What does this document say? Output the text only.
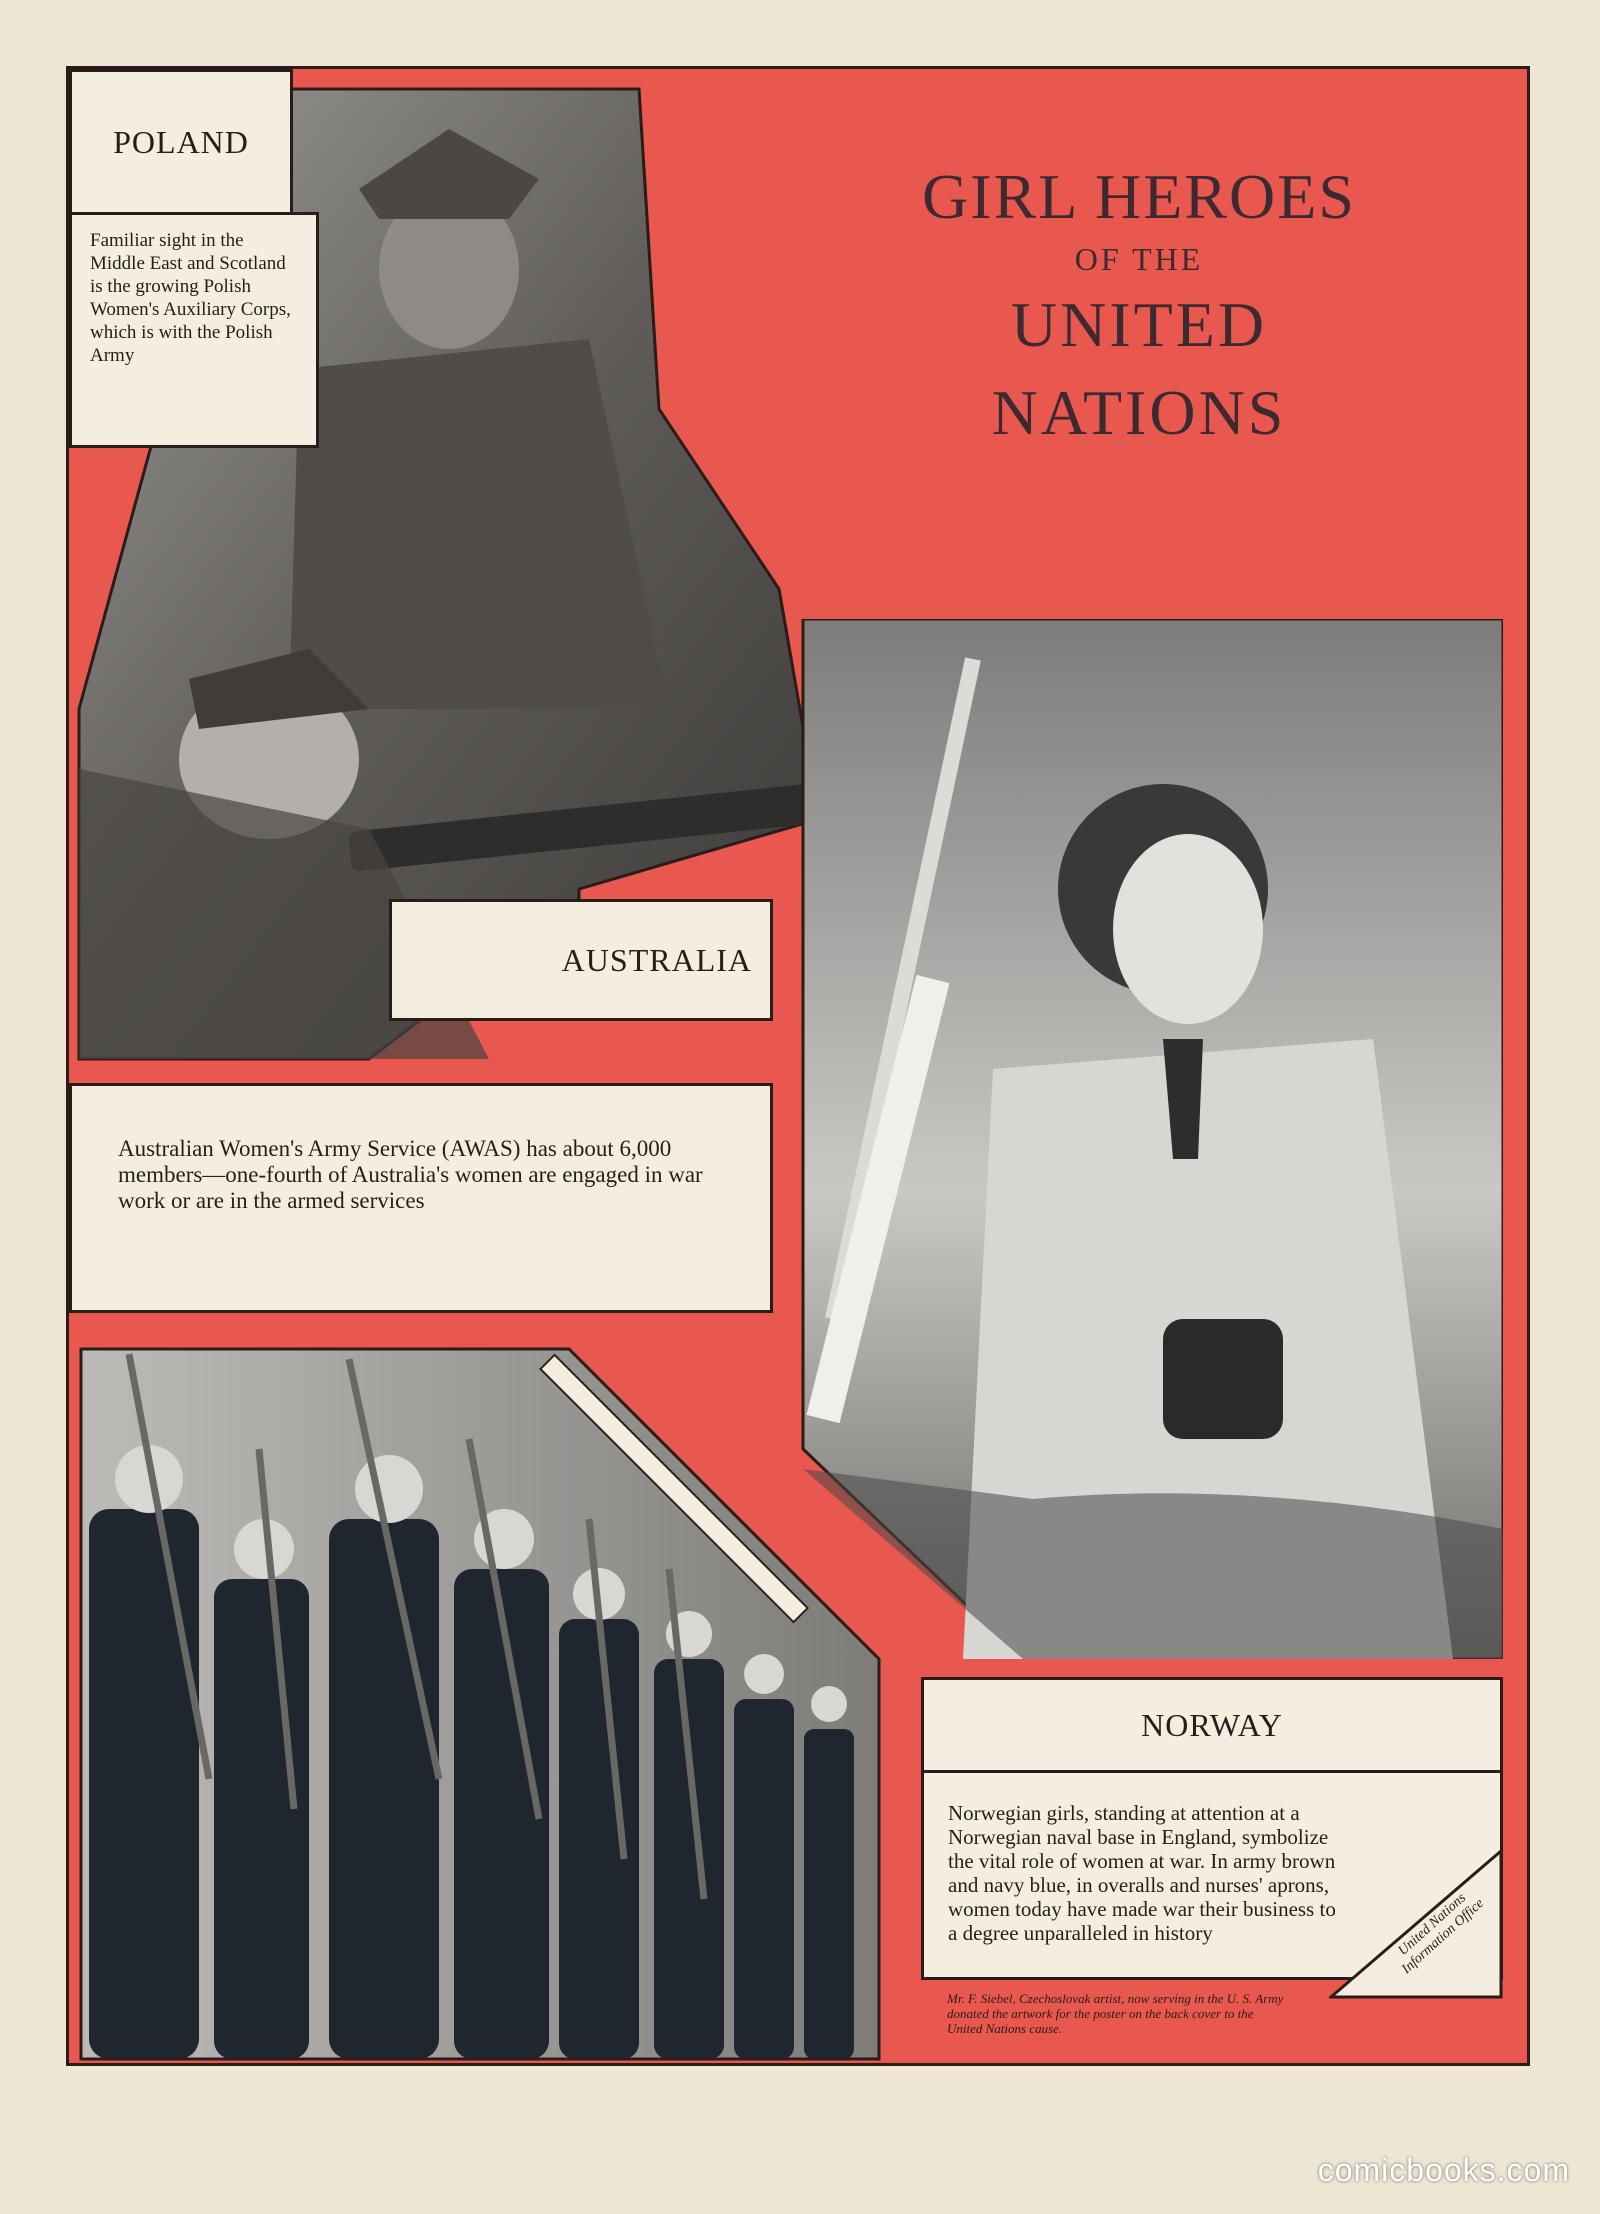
GIRL HEROES
OF THE
UNITED
NATIONS
POLAND
Familiar sight in the Middle East and Scotland is the growing Polish Women's Auxiliary Corps, which is with the Polish Army
AUSTRALIA
Australian Women's Army Service (AWAS) has about 6,000 members—one-fourth of Australia's women are engaged in war work or are in the armed services
NORWAY
Norwegian girls, standing at attention at a Norwegian naval base in England, symbolize the vital role of women at war. In army brown and navy blue, in overalls and nurses' aprons, women today have made war their business to a degree unparalleled in history	United Nations Information Office
Mr. F. Siebel, Czechoslovak artist, now serving in the U. S. Army donated the artwork for the poster on the back cover to the United Nations cause.
comicbooks.com
